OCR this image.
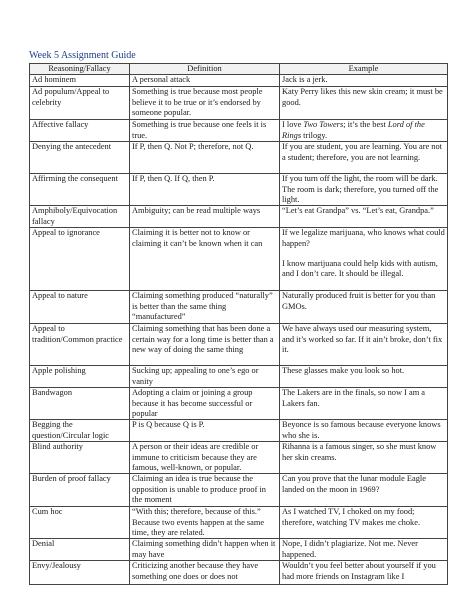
Week 5 Assignment Guide
Reasoning/Fallacy	Definition	Example
Ad hominem	A personal attack	Jack is a jerk.

Ad populum/Appeal to celebrity	Something is true because most people believe it to be true or it’s endorsed by someone popular.	Katy Perry likes this new skin cream; it must be good.

Affective fallacy	Something is true because one feels it is true.	I love Two Towers; it’s the best Lord of the Rings trilogy.

Denying the antecedent	If P, then Q. Not P; therefore, not Q.	If you are student, you are learning. You are not a student; therefore, you are not learning.

Affirming the consequent	If P, then Q. If Q, then P.	If you turn off the light, the room will be dark. The room is dark; therefore, you turned off the light.

Amphiboly/Equivocation fallacy	Ambiguity; can be read multiple ways	“Let’s eat Grandpa” vs. “Let’s eat, Grandpa.”

Appeal to ignorance	Claiming it is better not to know or claiming it can’t be known when it can	If we legalize marijuana, who knows what could happen?

I know marijuana could help kids with autism, and I don’t care. It should be illegal.

Appeal to nature	Claiming something produced “naturally” is better than the same thing “manufactured”	Naturally produced fruit is better for you than GMOs.

Appeal to tradition/Common practice	Claiming something that has been done a certain way for a long time is better than a new way of doing the same thing	We have always used our measuring system, and it’s worked so far. If it ain’t broke, don’t fix it.

Apple polishing	Sucking up; appealing to one’s ego or vanity	These glasses make you look so hot.

Bandwagon	Adopting a claim or joining a group because it has become successful or popular	The Lakers are in the finals, so now I am a Lakers fan.

Begging the question/Circular logic	P is Q because Q is P.	Beyonce is so famous because everyone knows who she is.

Blind authority	A person or their ideas are credible or immune to criticism because they are famous, well-known, or popular.	Rihanna is a famous singer, so she must know her skin creams.

Burden of proof fallacy	Claiming an idea is true because the opposition is unable to produce proof in the moment	Can you prove that the lunar module Eagle landed on the moon in 1969?

Cum hoc	“With this; therefore, because of this.” Because two events happen at the same time, they are related.	As I watched TV, I choked on my food; therefore, watching TV makes me choke.

Denial	Claiming something didn’t happen when it may have	Nope, I didn’t plagiarize. Not me. Never happened.

Envy/Jealousy	Criticizing another because they have something one does or does not	Wouldn’t you feel better about yourself if you had more friends on Instagram like I
